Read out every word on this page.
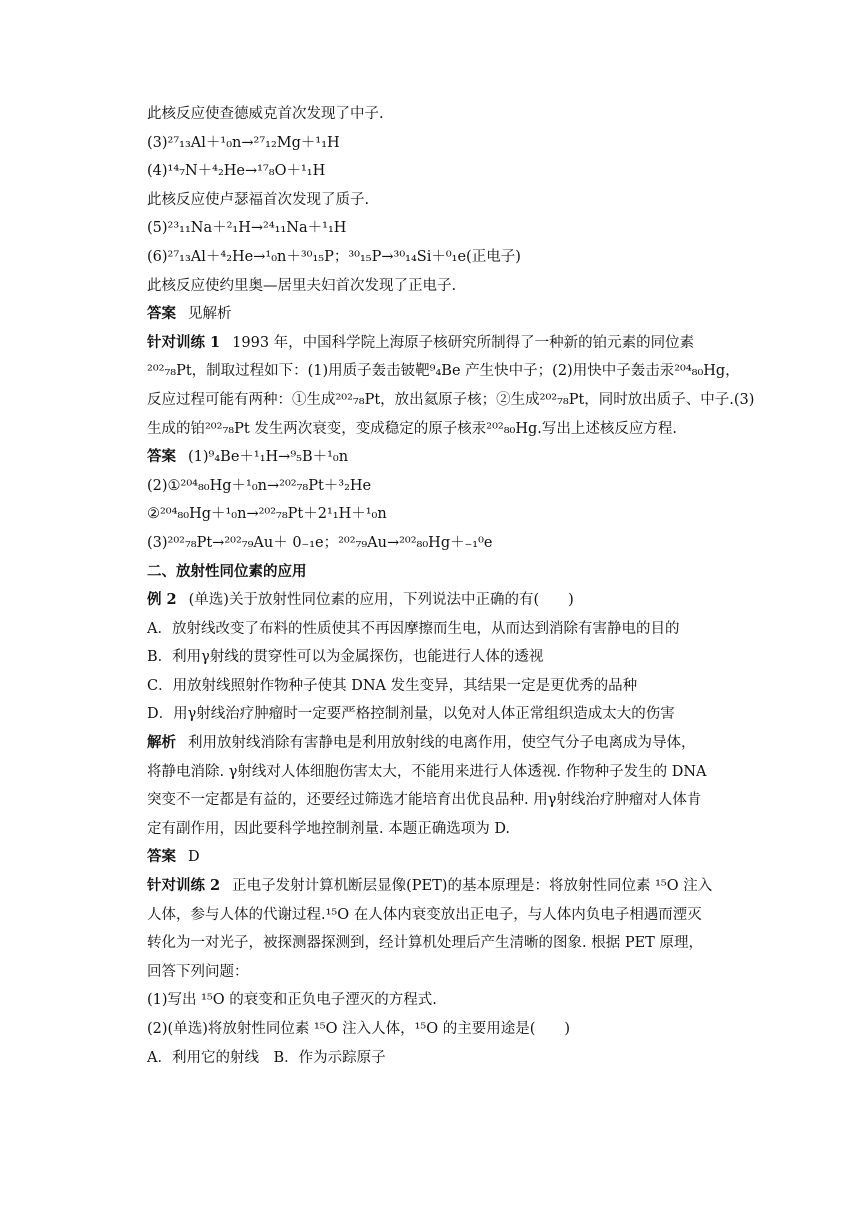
此核反应使查德威克首次发现了中子.
(3)²⁷₁₃Al＋¹₀n→²⁷₁₂Mg＋¹₁H
(4)¹⁴₇N＋⁴₂He→¹⁷₈O＋¹₁H
此核反应使卢瑟福首次发现了质子.
(5)²³₁₁Na＋²₁H→²⁴₁₁Na＋¹₁H
(6)²⁷₁₃Al＋⁴₂He→¹₀n＋³⁰₁₅P；³⁰₁₅P→³⁰₁₄Si＋⁰₁e(正电子)
此核反应使约里奥—居里夫妇首次发现了正电子.
答案 见解析
针对训练 1 1993 年，中国科学院上海原子核研究所制得了一种新的铂元素的同位素
²⁰²₇₈Pt，制取过程如下：(1)用质子轰击铍靶⁹₄Be 产生快中子；(2)用快中子轰击汞²⁰⁴₈₀Hg，
反应过程可能有两种：①生成²⁰²₇₈Pt，放出氦原子核；②生成²⁰²₇₈Pt，同时放出质子、中子.(3)
生成的铂²⁰²₇₈Pt 发生两次衰变，变成稳定的原子核汞²⁰²₈₀Hg.写出上述核反应方程.
答案 (1)⁹₄Be＋¹₁H→⁹₅B＋¹₀n
(2)①²⁰⁴₈₀Hg＋¹₀n→²⁰²₇₈Pt＋³₂He
②²⁰⁴₈₀Hg＋¹₀n→²⁰²₇₈Pt＋2¹₁H＋¹₀n
(3)²⁰²₇₈Pt→²⁰²₇₉Au＋ 0₋₁e；²⁰²₇₉Au→²⁰²₈₀Hg＋₋₁⁰e
二、放射性同位素的应用
例 2 (单选)关于放射性同位素的应用，下列说法中正确的有(　　)
A．放射线改变了布料的性质使其不再因摩擦而生电，从而达到消除有害静电的目的
B．利用γ射线的贯穿性可以为金属探伤，也能进行人体的透视
C．用放射线照射作物种子使其 DNA 发生变异，其结果一定是更优秀的品种
D．用γ射线治疗肿瘤时一定要严格控制剂量，以免对人体正常组织造成太大的伤害
解析 利用放射线消除有害静电是利用放射线的电离作用，使空气分子电离成为导体，
将静电消除. γ射线对人体细胞伤害太大，不能用来进行人体透视. 作物种子发生的 DNA
突变不一定都是有益的，还要经过筛选才能培育出优良品种. 用γ射线治疗肿瘤对人体肯
定有副作用，因此要科学地控制剂量. 本题正确选项为 D.
答案 D
针对训练 2 正电子发射计算机断层显像(PET)的基本原理是：将放射性同位素 ¹⁵O 注入
人体，参与人体的代谢过程.¹⁵O 在人体内衰变放出正电子，与人体内负电子相遇而湮灭
转化为一对光子，被探测器探测到，经计算机处理后产生清晰的图象. 根据 PET 原理，
回答下列问题：
(1)写出 ¹⁵O 的衰变和正负电子湮灭的方程式.
(2)(单选)将放射性同位素 ¹⁵O 注入人体，¹⁵O 的主要用途是(　　)
A．利用它的射线　B．作为示踪原子
